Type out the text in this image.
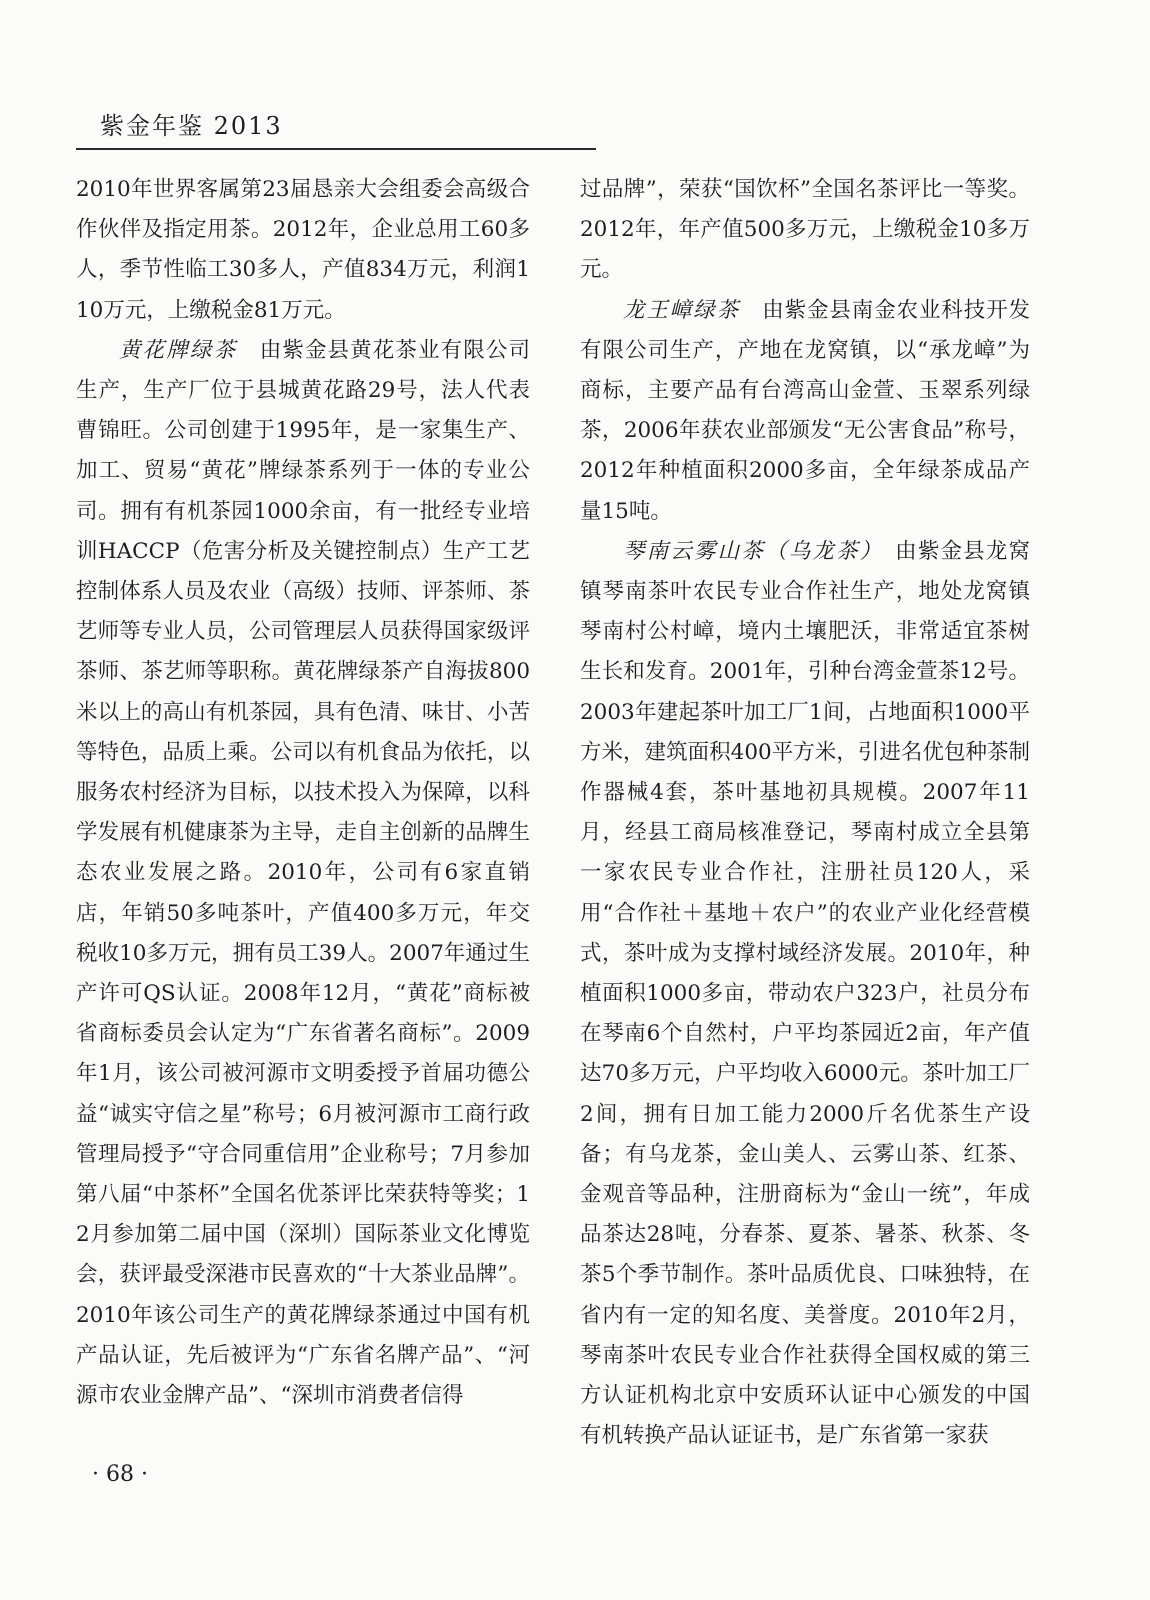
紫金年鉴 2013

2010年世界客属第23届恳亲大会组委会高级合作伙伴及指定用茶。2012年，企业总用工60多人，季节性临工30多人，产值834万元，利润110万元，上缴税金81万元。

黄花牌绿茶　由紫金县黄花茶业有限公司生产，生产厂位于县城黄花路29号，法人代表曹锦旺。公司创建于1995年，是一家集生产、加工、贸易“黄花”牌绿茶系列于一体的专业公司。拥有有机茶园1000余亩，有一批经专业培训HACCP（危害分析及关键控制点）生产工艺控制体系人员及农业（高级）技师、评茶师、茶艺师等专业人员，公司管理层人员获得国家级评茶师、茶艺师等职称。黄花牌绿茶产自海拔800米以上的高山有机茶园，具有色清、味甘、小苦等特色，品质上乘。公司以有机食品为依托，以服务农村经济为目标，以技术投入为保障，以科学发展有机健康茶为主导，走自主创新的品牌生态农业发展之路。2010年，公司有6家直销店，年销50多吨茶叶，产值400多万元，年交税收10多万元，拥有员工39人。2007年通过生产许可QS认证。2008年12月，“黄花”商标被省商标委员会认定为“广东省著名商标”。2009年1月，该公司被河源市文明委授予首届功德公益“诚实守信之星”称号；6月被河源市工商行政管理局授予“守合同重信用”企业称号；7月参加第八届“中茶杯”全国名优茶评比荣获特等奖；12月参加第二届中国（深圳）国际茶业文化博览会，获评最受深港市民喜欢的“十大茶业品牌”。2010年该公司生产的黄花牌绿茶通过中国有机产品认证，先后被评为“广东省名牌产品”、“河源市农业金牌产品”、“深圳市消费者信得

过品牌”，荣获“国饮杯”全国名茶评比一等奖。2012年，年产值500多万元，上缴税金10多万元。

龙王嶂绿茶　由紫金县南金农业科技开发有限公司生产，产地在龙窝镇，以“承龙嶂”为商标，主要产品有台湾高山金萱、玉翠系列绿茶，2006年获农业部颁发“无公害食品”称号，2012年种植面积2000多亩，全年绿茶成品产量15吨。

琴南云雾山茶（乌龙茶）　由紫金县龙窝镇琴南茶叶农民专业合作社生产，地处龙窝镇琴南村公村嶂，境内土壤肥沃，非常适宜茶树生长和发育。2001年，引种台湾金萱茶12号。2003年建起茶叶加工厂1间，占地面积1000平方米，建筑面积400平方米，引进名优包种茶制作器械4套，茶叶基地初具规模。2007年11月，经县工商局核准登记，琴南村成立全县第一家农民专业合作社，注册社员120人，采用“合作社＋基地＋农户”的农业产业化经营模式，茶叶成为支撑村域经济发展。2010年，种植面积1000多亩，带动农户323户，社员分布在琴南6个自然村，户平均茶园近2亩，年产值达70多万元，户平均收入6000元。茶叶加工厂2间，拥有日加工能力2000斤名优茶生产设备；有乌龙茶，金山美人、云雾山茶、红茶、金观音等品种，注册商标为“金山一统”，年成品茶达28吨，分春茶、夏茶、暑茶、秋茶、冬茶5个季节制作。茶叶品质优良、口味独特，在省内有一定的知名度、美誉度。2010年2月，琴南茶叶农民专业合作社获得全国权威的第三方认证机构北京中安质环认证中心颁发的中国有机转换产品认证证书，是广东省第一家获

· 68 ·
